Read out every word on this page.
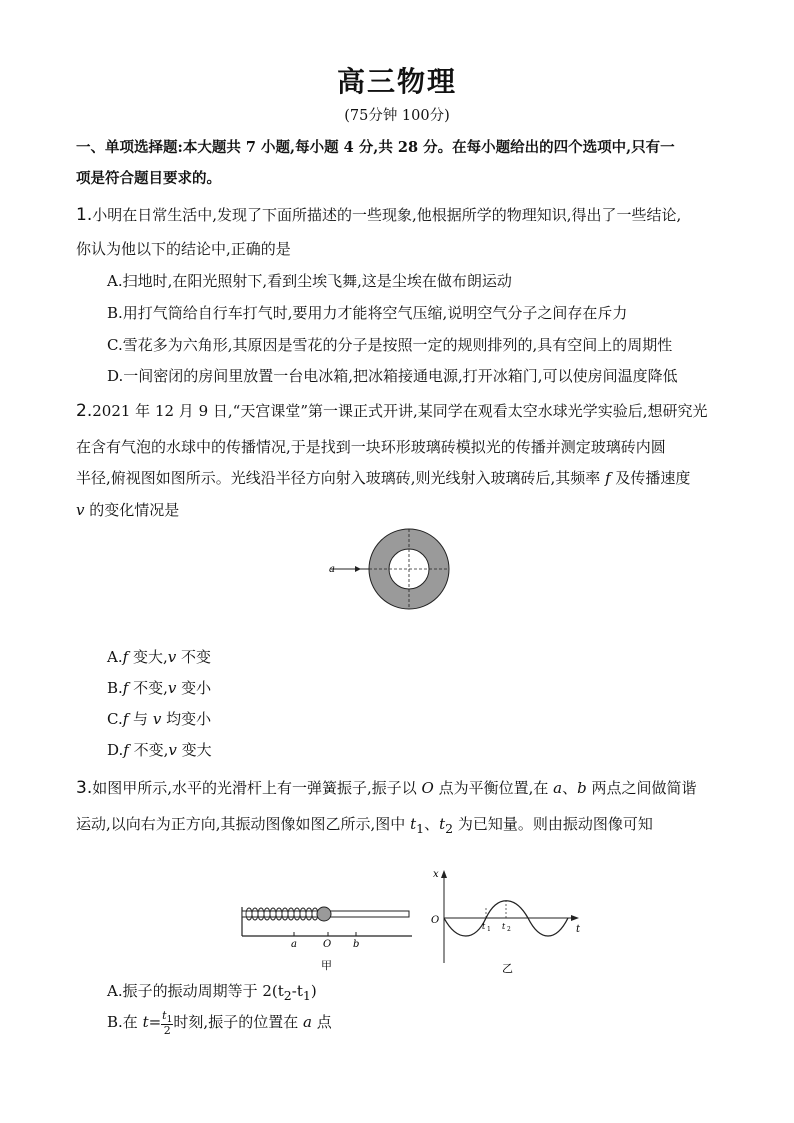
高三物理
(75分钟 100分)
一、单项选择题:本大题共 7 小题,每小题 4 分,共 28 分。在每小题给出的四个选项中,只有一
项是符合题目要求的。
1.小明在日常生活中,发现了下面所描述的一些现象,他根据所学的物理知识,得出了一些结论,
你认为他以下的结论中,正确的是
A.扫地时,在阳光照射下,看到尘埃飞舞,这是尘埃在做布朗运动
B.用打气筒给自行车打气时,要用力才能将空气压缩,说明空气分子之间存在斥力
C.雪花多为六角形,其原因是雪花的分子是按照一定的规则排列的,具有空间上的周期性
D.一间密闭的房间里放置一台电冰箱,把冰箱接通电源,打开冰箱门,可以使房间温度降低
2.2021 年 12 月 9 日,“天宫课堂”第一课正式开讲,某同学在观看太空水球光学实验后,想研究光
在含有气泡的水球中的传播情况,于是找到一块环形玻璃砖模拟光的传播并测定玻璃砖内圆
半径,俯视图如图所示。光线沿半径方向射入玻璃砖,则光线射入玻璃砖后,其频率 f 及传播速度
v 的变化情况是
a
A.f 变大,v 不变
B.f 不变,v 变小
C.f 与 v 均变小
D.f 不变,v 变大
3.如图甲所示,水平的光滑杆上有一弹簧振子,振子以 O 点为平衡位置,在 a、b 两点之间做简谐
运动,以向右为正方向,其振动图像如图乙所示,图中 $t_1$、$t_2$ 为已知量。则由振动图像可知
a	O b
甲
x
O
t
t 1 t 2
乙
A.振子的振动周期等于 $2(t_2-t_1)$
B.在 $t= \frac{t_1}{2}$ 时刻,振子的位置在 a 点
